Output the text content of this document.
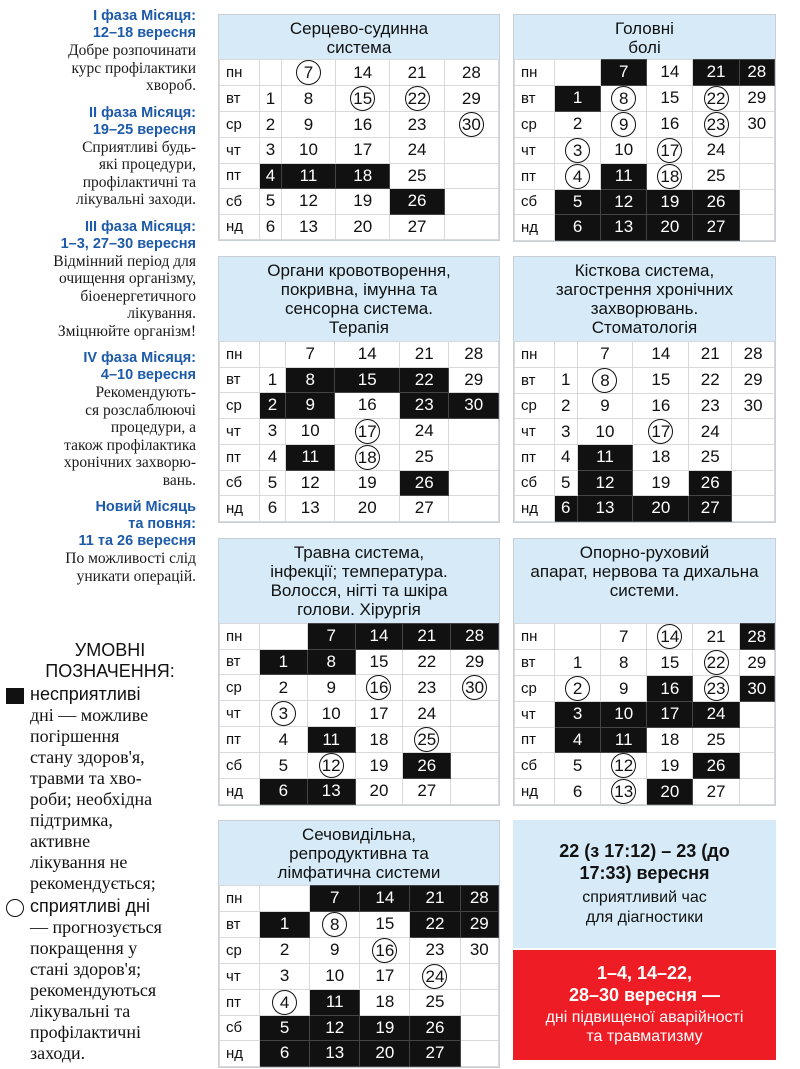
I фаза Місяця:
12–18 вересня
Добре розпочинати
курс профілактики
хвороб.
II фаза Місяця:
19–25 вересня
Сприятливі будь-
які процедури,
профілактичні та
лікувальні заходи.
III фаза Місяця:
1–3, 27–30 вересня
Відмінний період для
очищення організму,
біоенергетичного
лікування.
Зміцнюйте організм!
IV фаза Місяця:
4–10 вересня
Рекомендують-
ся розслаблюючі
процедури, а
також профілактика
хронічних захворю-
вань.
Новий Місяць
та повня:
11 та 26 вересня
По можливості слід
уникати операцій.
УМОВНІ
ПОЗНАЧЕННЯ:
несприятливі
дні — можливе
погіршення
стану здоров'я,
травми та хво-
роби; необхідна
підтримка,
активне
лікування не
рекомендується;
сприятливі дні
— прогнозується
покращення у
стані здоров'я;
рекомендуються
лікувальні та
профілактичні
заходи.
Серцево-судинна
система
пн		7	14	21	28
вт	1	8	15	22	29
ср	2	9	16	23	30
чт	3	10	17	24	
пт	4	11	18	25	
сб	5	12	19	26	
нд	6	13	20	27	
Головні
болі
пн		7	14	21	28
вт	1	8	15	22	29
ср	2	9	16	23	30
чт	3	10	17	24	
пт	4	11	18	25	
сб	5	12	19	26	
нд	6	13	20	27	
Органи кровотворення,
покривна, імунна та
сенсорна система.
Терапія
пн		7	14	21	28
вт	1	8	15	22	29
ср	2	9	16	23	30
чт	3	10	17	24	
пт	4	11	18	25	
сб	5	12	19	26	
нд	6	13	20	27	
Кісткова система,
загострення хронічних
захворювань.
Стоматологія
пн		7	14	21	28
вт	1	8	15	22	29
ср	2	9	16	23	30
чт	3	10	17	24	
пт	4	11	18	25	
сб	5	12	19	26	
нд	6	13	20	27	
Травна система,
інфекції; температура.
Волосся, нігті та шкіра
голови. Хірургія
пн		7	14	21	28
вт	1	8	15	22	29
ср	2	9	16	23	30
чт	3	10	17	24	
пт	4	11	18	25	
сб	5	12	19	26	
нд	6	13	20	27	
Опорно-руховий
апарат, нервова та дихальна
системи.
пн		7	14	21	28
вт	1	8	15	22	29
ср	2	9	16	23	30
чт	3	10	17	24	
пт	4	11	18	25	
сб	5	12	19	26	
нд	6	13	20	27	
Сечовидільна,
репродуктивна та
лімфатична системи
пн		7	14	21	28
вт	1	8	15	22	29
ср	2	9	16	23	30
чт	3	10	17	24	
пт	4	11	18	25	
сб	5	12	19	26	
нд	6	13	20	27	
22 (з 17:12) – 23 (до
17:33) вересня
сприятливий час
для діагностики
1–4, 14–22,
28–30 вересня —
дні підвищеної аварійності
та травматизму
